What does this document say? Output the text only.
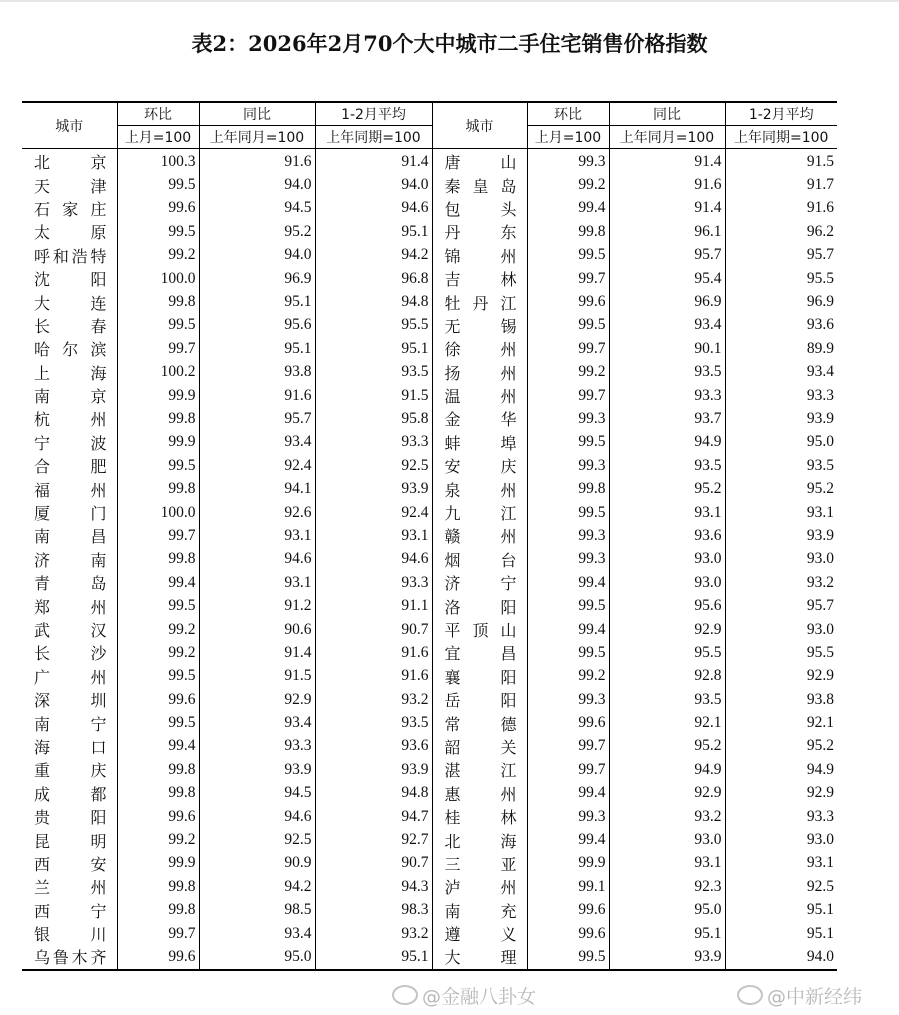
表2：2026年2月70个大中城市二手住宅销售价格指数
城市	环比	同比	1-2月平均	城市	环比	同比	1-2月平均
	上月=100	上年同月=100	上年同期=100		上月=100	上年同月=100	上年同期=100
北京	100.3	91.6	91.4	唐山	99.3	91.4	91.5
天津	99.5	94.0	94.0	秦皇岛	99.2	91.6	91.7
石家庄	99.6	94.5	94.6	包头	99.4	91.4	91.6
太原	99.5	95.2	95.1	丹东	99.8	96.1	96.2
呼和浩特	99.2	94.0	94.2	锦州	99.5	95.7	95.7
沈阳	100.0	96.9	96.8	吉林	99.7	95.4	95.5
大连	99.8	95.1	94.8	牡丹江	99.6	96.9	96.9
长春	99.5	95.6	95.5	无锡	99.5	93.4	93.6
哈尔滨	99.7	95.1	95.1	徐州	99.7	90.1	89.9
上海	100.2	93.8	93.5	扬州	99.2	93.5	93.4
南京	99.9	91.6	91.5	温州	99.7	93.3	93.3
杭州	99.8	95.7	95.8	金华	99.3	93.7	93.9
宁波	99.9	93.4	93.3	蚌埠	99.5	94.9	95.0
合肥	99.5	92.4	92.5	安庆	99.3	93.5	93.5
福州	99.8	94.1	93.9	泉州	99.8	95.2	95.2
厦门	100.0	92.6	92.4	九江	99.5	93.1	93.1
南昌	99.7	93.1	93.1	赣州	99.3	93.6	93.9
济南	99.8	94.6	94.6	烟台	99.3	93.0	93.0
青岛	99.4	93.1	93.3	济宁	99.4	93.0	93.2
郑州	99.5	91.2	91.1	洛阳	99.5	95.6	95.7
武汉	99.2	90.6	90.7	平顶山	99.4	92.9	93.0
长沙	99.2	91.4	91.6	宜昌	99.5	95.5	95.5
广州	99.5	91.5	91.6	襄阳	99.2	92.8	92.9
深圳	99.6	92.9	93.2	岳阳	99.3	93.5	93.8
南宁	99.5	93.4	93.5	常德	99.6	92.1	92.1
海口	99.4	93.3	93.6	韶关	99.7	95.2	95.2
重庆	99.8	93.9	93.9	湛江	99.7	94.9	94.9
成都	99.8	94.5	94.8	惠州	99.4	92.9	92.9
贵阳	99.6	94.6	94.7	桂林	99.3	93.2	93.3
昆明	99.2	92.5	92.7	北海	99.4	93.0	93.0
西安	99.9	90.9	90.7	三亚	99.9	93.1	93.1
兰州	99.8	94.2	94.3	泸州	99.1	92.3	92.5
西宁	99.8	98.5	98.3	南充	99.6	95.0	95.1
银川	99.7	93.4	93.2	遵义	99.6	95.1	95.1
乌鲁木齐	99.6	95.0	95.1	大理	99.5	93.9	94.0
@金融八卦女	@中新经纬
